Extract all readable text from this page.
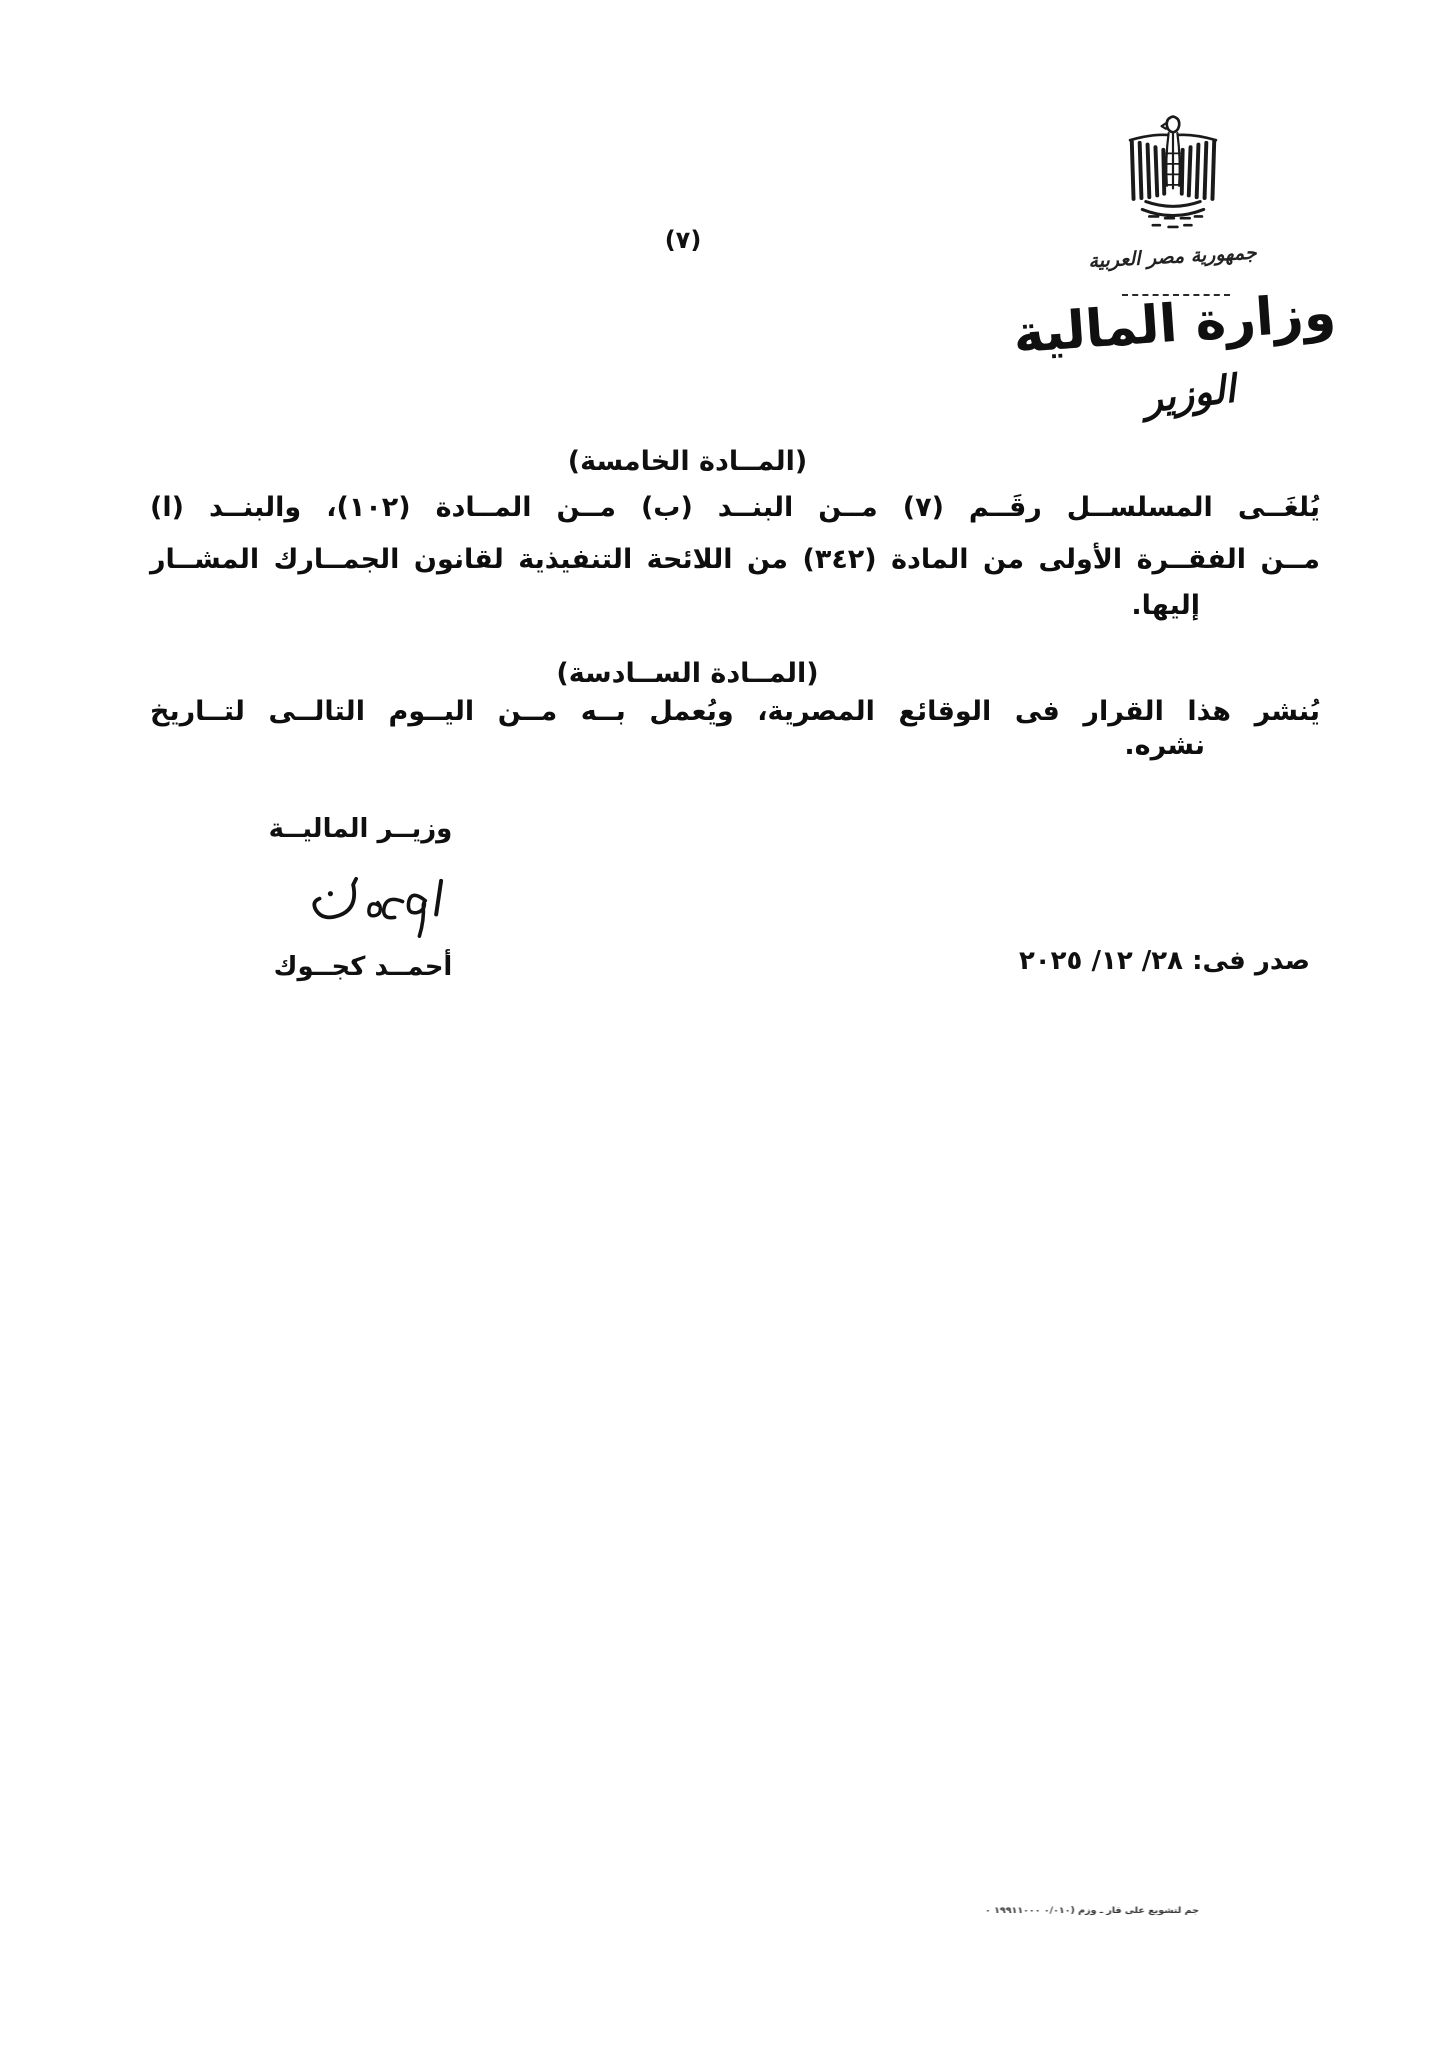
(٧)
جمهورية مصر العربية
وزارة المالية
الوزير
(المــادة الخامسة)
يُلغَــى المسلســل رقَــم (٧) مــن البنــد (ب) مــن المــادة (١٠٢)، والبنــد (ا)
مــن الفقــرة الأولى من المادة (٣٤٢) من اللائحة التنفيذية لقانون الجمــارك المشــار
إليها.
(المــادة الســادسة)
يُنشر هذا القرار فى الوقائع المصرية، ويُعمل بــه مــن اليــوم التالــى لتــاريخ
نشره.
وزيــر الماليــة
أحمــد كجــوك	صدر فى: ٢٨/ ١٢/ ٢٠٢٥
جم لتشويع على قار ـ وزم (٠/٠١٠ ١٩٩١١٠٠٠ ٠
